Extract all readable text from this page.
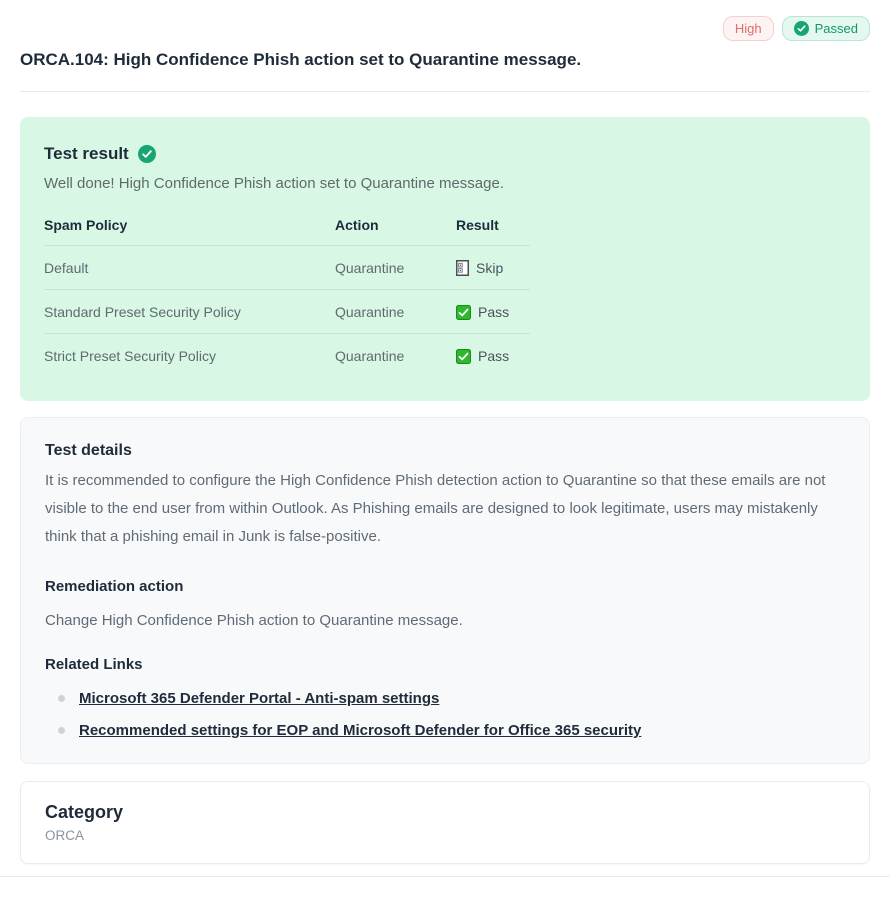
High	Passed
ORCA.104: High Confidence Phish action set to Quarantine message.
Test result

Well done! High Confidence Phish action set to Quarantine message.

Spam Policy	Action	Result
Default	Quarantine	Skip

Standard Preset Security Policy	Quarantine	Pass

Strict Preset Security Policy	Quarantine	Pass
Test details

It is recommended to configure the High Confidence Phish detection action to Quarantine so that these emails are not visible to the end user from within Outlook. As Phishing emails are designed to look legitimate, users may mistakenly think that a phishing email in Junk is false-positive.

Remediation action

Change High Confidence Phish action to Quarantine message.

Related Links
Microsoft 365 Defender Portal - Anti-spam settings
Recommended settings for EOP and Microsoft Defender for Office 365 security
Category

ORCA
